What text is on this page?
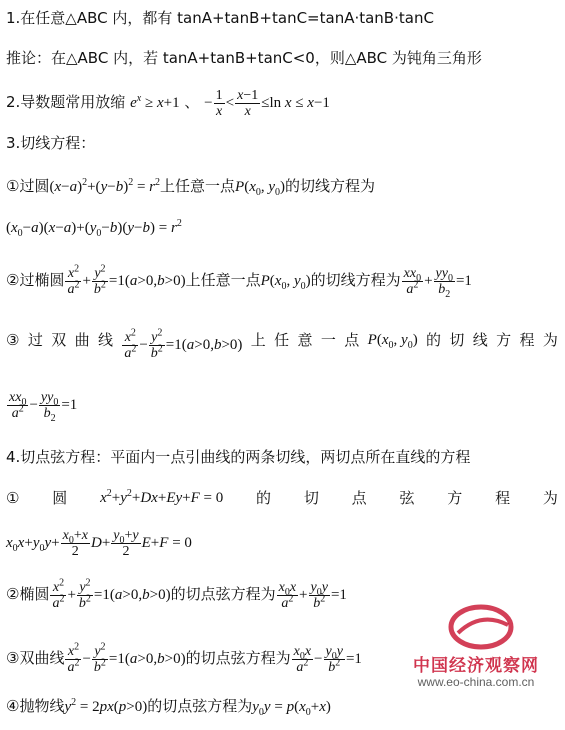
1.在任意△ABC 内，都有 tanA+tanB+tanC=tanA·tanB·tanC
推论：在△ABC 内，若 tanA+tanB+tanC<0，则△ABC 为钝角三角形
2.导数题常用放缩 $e^x \ge x+1$ 、 − $\frac{1}{x} < \frac{x-1}{x} \le\ln$ x ≤ x−1
3.切线方程：
①过圆$(x-a)^2+(y-b)^2 = r^2$上任意一点$P(x_0$, $y_0$)的切线方程为
$(x_0-a)(x-a)+(y_0-b)(y-b) = r^2$
②过椭圆 $\frac{x^2}{a^2} + \frac{y^2}{b^2} =1(a>0,b>0)$上任意一点$P(x_0$, $y_0$)的切线方程为 $\frac{xx_0}{a^2} + \frac{yy_0}{b_2} =1$
③ 过 双 曲 线 $\frac{x^2}{a^2} - \frac{y^2}{b^2} =1(a>0,b>0)$ 上 任 意 一 点 $P(x_0$, $y_0$) 的 切 线 方 程 为
$\frac{xx_0}{a^2} - \frac{yy_0}{b_2} =1$
4.切点弦方程：平面内一点引曲线的两条切线，两切点所在直线的方程
① 圆 $x^2+y^2+Dx+Ey+F = 0$ 的 切 点 弦 方 程 为
$x_0x+y_0y+ \frac{x_0+x}{2} D+ \frac{y_0+y}{2} E+F = 0$
②椭圆 $\frac{x^2}{a^2} + \frac{y^2}{b^2} =1(a>0,b>0)$的切点弦方程为 $\frac{x_0x}{a^2} + \frac{y_0y}{b^2} =1$
③双曲线 $\frac{x^2}{a^2} - \frac{y^2}{b^2} =1(a>0,b>0)$的切点弦方程为 $\frac{x_0x}{a^2} - \frac{y_0y}{b^2} =1$
④抛物线$y^2 = 2px(p>0)$的切点弦方程为$y_0y = p(x_0+x)$
中国经济观察网
www.eo-china.com.cn
